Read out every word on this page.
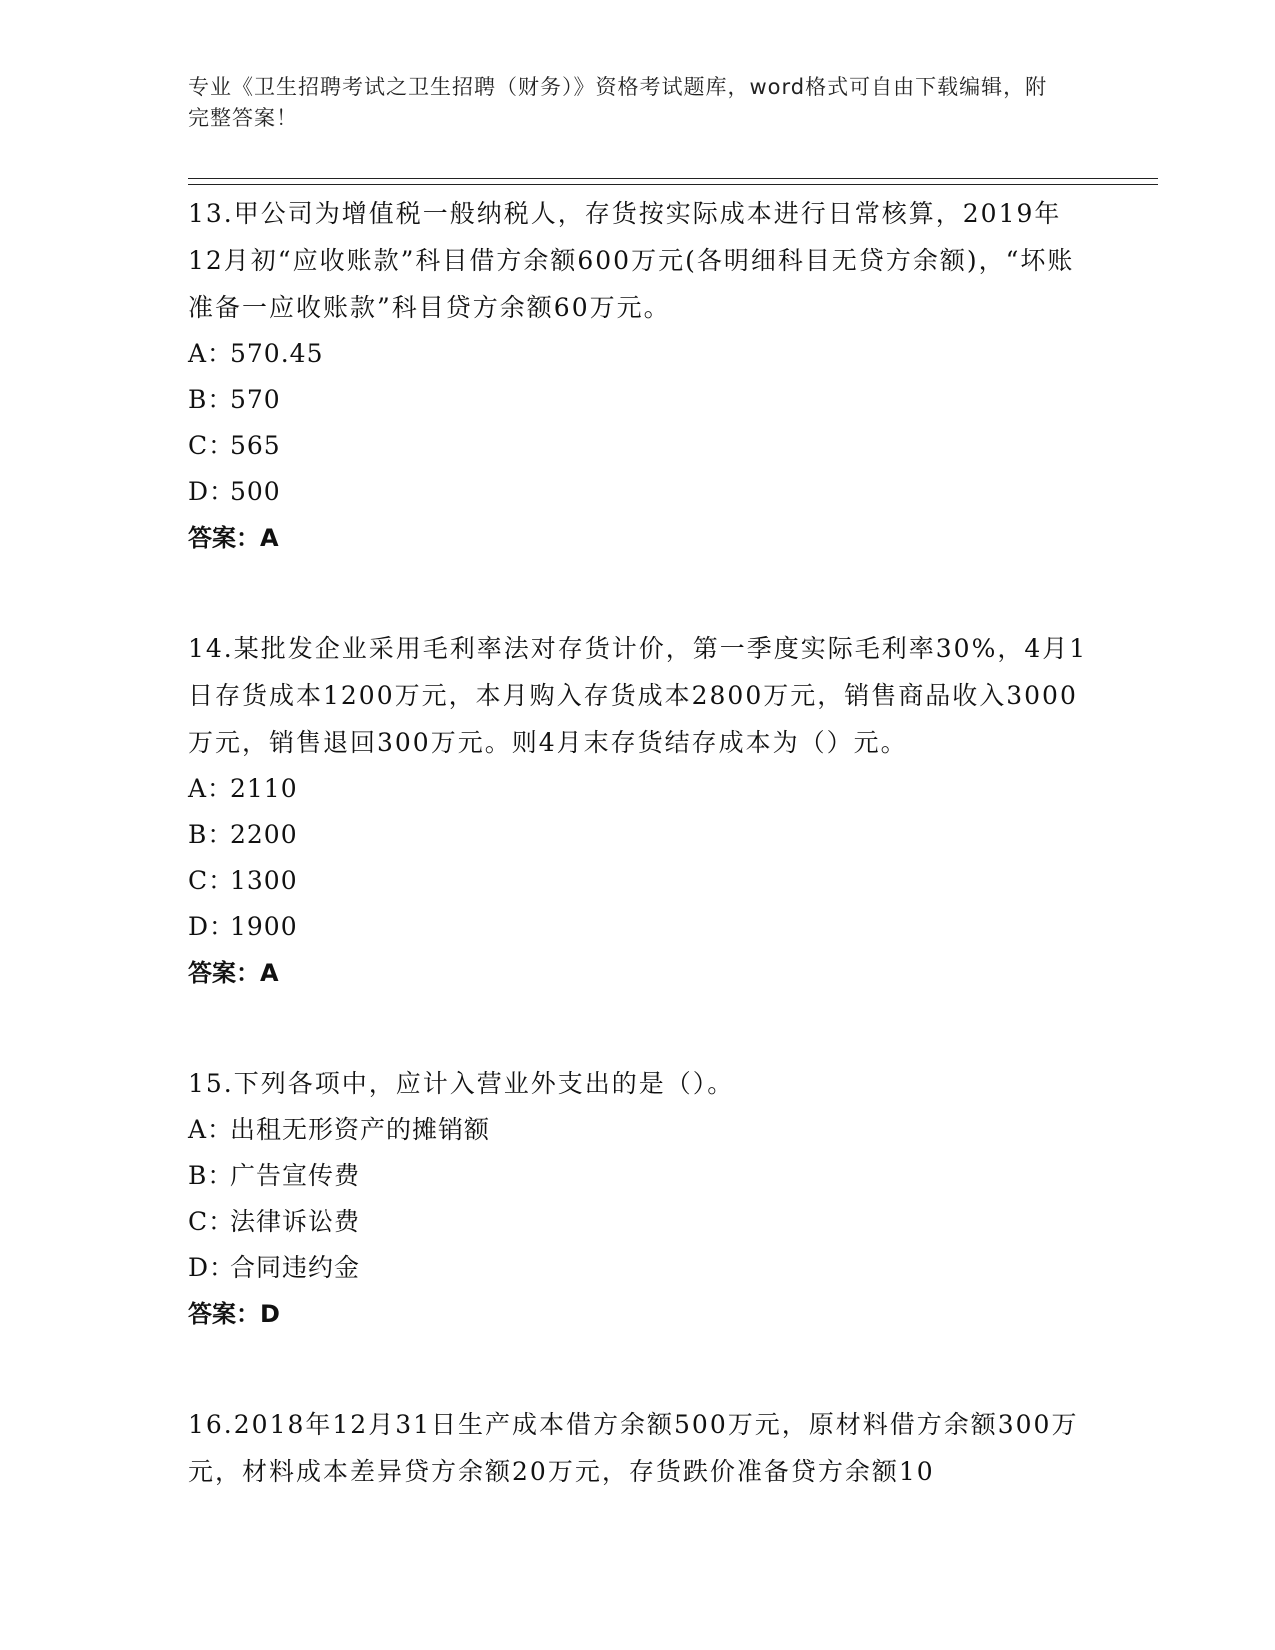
专业《卫生招聘考试之卫生招聘（财务）》资格考试题库，word格式可自由下载编辑，附完整答案！

13.甲公司为增值税一般纳税人，存货按实际成本进行日常核算，2019年12月初“应收账款”科目借方余额600万元(各明细科目无贷方余额)，“坏账准备一应收账款”科目贷方余额60万元。

A：570.45

B：570

C：565

D：500

答案：A

14.某批发企业采用毛利率法对存货计价，第一季度实际毛利率30%，4月1日存货成本1200万元，本月购入存货成本2800万元，销售商品收入3000万元，销售退回300万元。则4月末存货结存成本为（）元。

A：2110

B：2200

C：1300

D：1900

答案：A

15.下列各项中，应计入营业外支出的是（）。

A：出租无形资产的摊销额

B：广告宣传费

C：法律诉讼费

D：合同违约金

答案：D

16.2018年12月31日生产成本借方余额500万元，原材料借方余额300万元，材料成本差异贷方余额20万元，存货跌价准备贷方余额10
